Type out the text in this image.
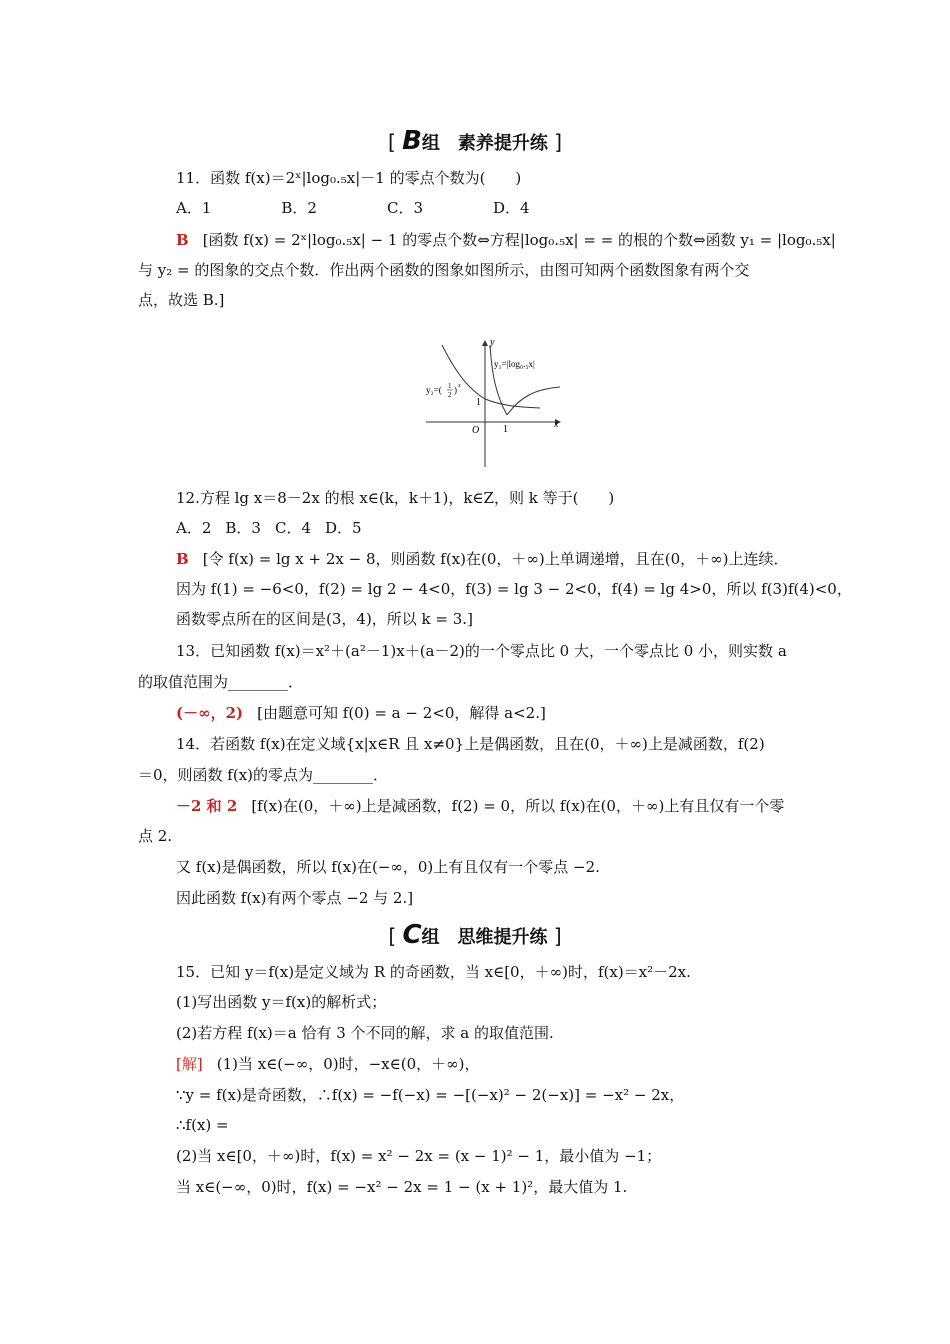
[ B组　素养提升练 ]
11．函数 f(x)＝2ˣ|log₀.₅x|－1 的零点个数为(　　)
A．1	B．2	C．3	D．4
B [函数 f(x) = 2ˣ|log₀.₅x| − 1 的零点个数⇔方程|log₀.₅x| = = 的根的个数⇔函数 y₁ = |log₀.₅x|
与 y₂ = 的图象的交点个数．作出两个函数的图象如图所示，由图可知两个函数图象有两个交
点，故选 B.]
y
x
O
1
1
y₁=|log₀.₅x|
y₂=( 1
2 ) x
12.方程 lg x＝8－2x 的根 x∈(k，k＋1)，k∈Z，则 k 等于(　　)
A．2 B．3 C．4 D．5
B [令 f(x) = lg x + 2x − 8，则函数 f(x)在(0，＋∞)上单调递增，且在(0，＋∞)上连续．
因为 f(1) = −6<0，f(2) = lg 2 − 4<0，f(3) = lg 3 − 2<0，f(4) = lg 4>0，所以 f(3)f(4)<0，
函数零点所在的区间是(3，4)，所以 k = 3.]
13．已知函数 f(x)＝x²＋(a²－1)x＋(a－2)的一个零点比 0 大，一个零点比 0 小，则实数 a
的取值范围为________．
(－∞，2) [由题意可知 f(0) = a − 2<0，解得 a<2.]
14．若函数 f(x)在定义域{x|x∈R 且 x≠0}上是偶函数，且在(0，＋∞)上是减函数，f(2)
＝0，则函数 f(x)的零点为________．
－2 和 2 [f(x)在(0，＋∞)上是减函数，f(2) = 0，所以 f(x)在(0，＋∞)上有且仅有一个零
点 2.
又 f(x)是偶函数，所以 f(x)在(−∞，0)上有且仅有一个零点 −2.
因此函数 f(x)有两个零点 −2 与 2.]
[ C组　思维提升练 ]
15．已知 y＝f(x)是定义域为 R 的奇函数，当 x∈[0，＋∞)时，f(x)＝x²－2x.
(1)写出函数 y＝f(x)的解析式；
(2)若方程 f(x)＝a 恰有 3 个不同的解，求 a 的取值范围.
[解] (1)当 x∈(−∞，0)时，−x∈(0，＋∞)，
∵y = f(x)是奇函数，∴f(x) = −f(−x) = −[(−x)² − 2(−x)] = −x² − 2x，
∴f(x) =
(2)当 x∈[0，＋∞)时，f(x) = x² − 2x = (x − 1)² − 1，最小值为 −1；
当 x∈(−∞，0)时，f(x) = −x² − 2x = 1 − (x + 1)²，最大值为 1.
